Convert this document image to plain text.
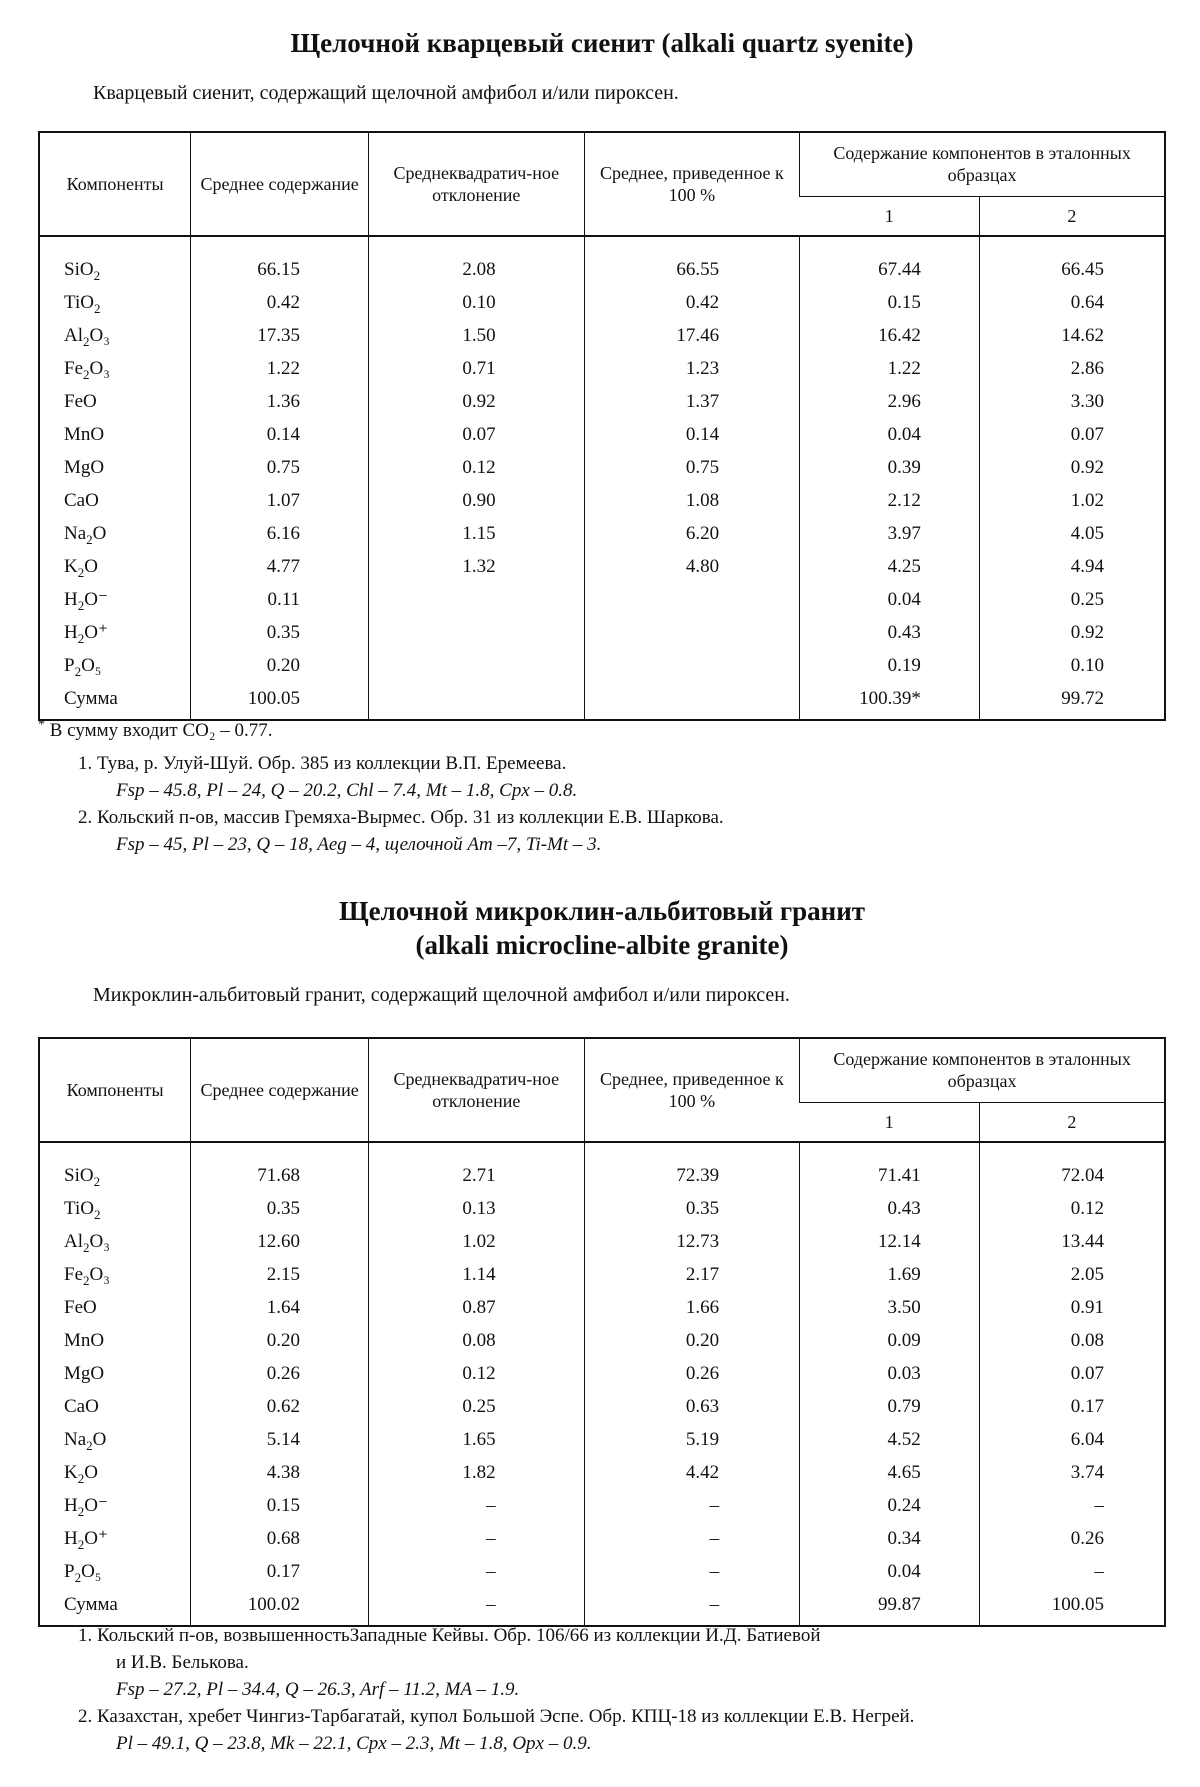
Щелочной кварцевый сиенит (alkali quartz syenite)

Кварцевый сиенит, содержащий щелочной амфибол и/или пироксен.

Компоненты	Среднее содержание	Среднеквадратич-ное отклонение	Среднее, приведенное к 100 %	Содержание компонентов в эталонных образцах	
				1	2
SiO$_2$	66.15	2.08	66.55	67.44	66.45
TiO$_2$	0.42	0.10	0.42	0.15	0.64
$Al_2O_3$	17.35	1.50	17.46	16.42	14.62
$Fe_2O_3$	1.22	0.71	1.23	1.22	2.86
FeO	1.36	0.92	1.37	2.96	3.30
MnO	0.14	0.07	0.14	0.04	0.07
MgO	0.75	0.12	0.75	0.39	0.92
CaO	1.07	0.90	1.08	2.12	1.02
$Na_2O$	6.16	1.15	6.20	3.97	4.05
$K_2O$	4.77	1.32	4.80	4.25	4.94
$H_2O^-$	0.11			0.04	0.25
$H_2O^+$	0.35			0.43	0.92
$P_2O_5$	0.20			0.19	0.10
Сумма	100.05			100.39*	99.72

* В сумму входит CO₂ – 0.77.

1. Тува, р. Улуй-Шуй. Обр. 385 из коллекции В.П. Еремеева.

Fsp – 45.8, Pl – 24, Q – 20.2, Chl – 7.4, Mt – 1.8, Cpx – 0.8.

2. Кольский п-ов, массив Гремяха-Вырмес. Обр. 31 из коллекции Е.В. Шаркова.

Fsp – 45, Pl – 23, Q – 18, Aeg – 4, щелочной Am –7, Ti-Mt – 3.

Щелочной микроклин-альбитовый гранит
(alkali microcline-albite granite)

Микроклин-альбитовый гранит, содержащий щелочной амфибол и/или пироксен.

Компоненты	Среднее содержание	Среднеквадратич-ное отклонение	Среднее, приведенное к 100 %	Содержание компонентов в эталонных образцах	
				1	2
SiO$_2$	71.68	2.71	72.39	71.41	72.04
TiO$_2$	0.35	0.13	0.35	0.43	0.12
$Al_2O_3$	12.60	1.02	12.73	12.14	13.44
$Fe_2O_3$	2.15	1.14	2.17	1.69	2.05
FeO	1.64	0.87	1.66	3.50	0.91
MnO	0.20	0.08	0.20	0.09	0.08
MgO	0.26	0.12	0.26	0.03	0.07
CaO	0.62	0.25	0.63	0.79	0.17
$Na_2O$	5.14	1.65	5.19	4.52	6.04
$K_2O$	4.38	1.82	4.42	4.65	3.74
$H_2O^-$	0.15	–	–	0.24	–
$H_2O^+$	0.68	–	–	0.34	0.26
$P_2O_5$	0.17	–	–	0.04	–
Сумма	100.02	–	–	99.87	100.05

1. Кольский п-ов, возвышенностьЗападные Кейвы. Обр. 106/66 из коллекции И.Д. Батиевой

и И.В. Белькова.

Fsp – 27.2, Pl – 34.4, Q – 26.3, Arf – 11.2, MA – 1.9.

2. Казахстан, хребет Чингиз-Тарбагатай, купол Большой Эспе. Обр. КПЦ-18 из коллекции Е.В. Негрей.

Pl – 49.1, Q – 23.8, Mk – 22.1, Cpx – 2.3, Mt – 1.8, Opx – 0.9.
